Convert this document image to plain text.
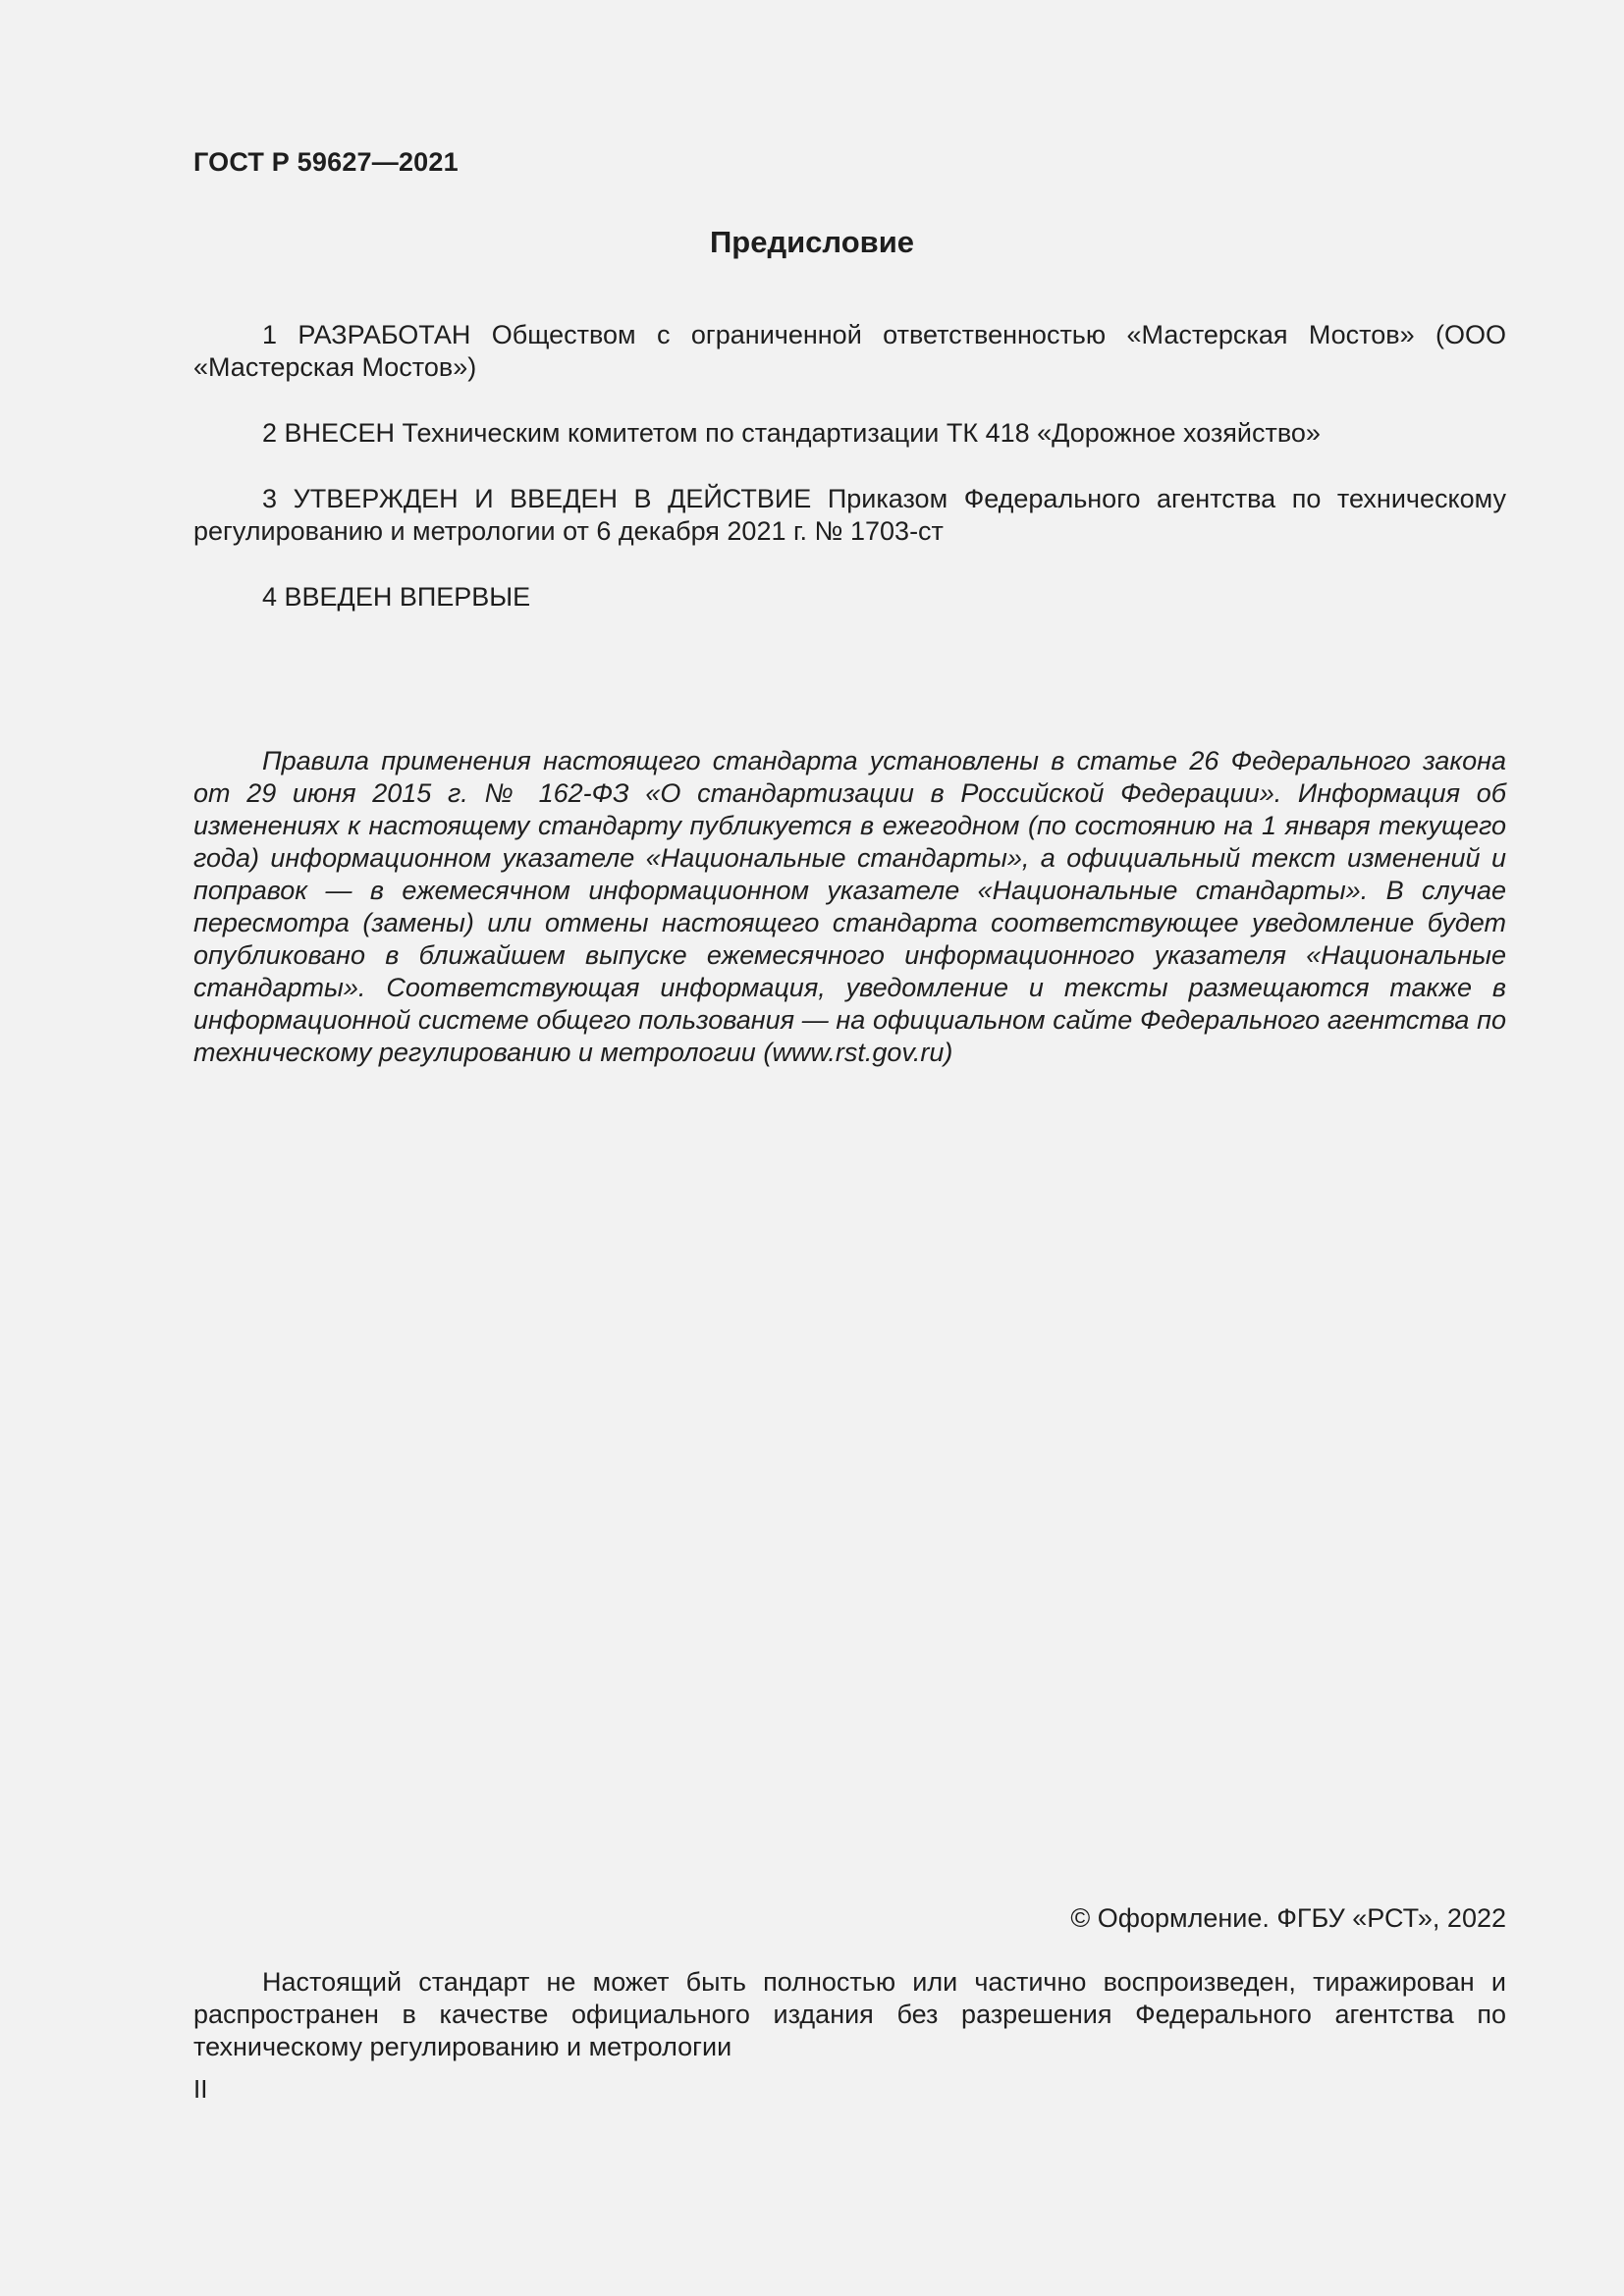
ГОСТ Р 59627—2021
Предисловие

1 РАЗРАБОТАН Обществом с ограниченной ответственностью «Мастерская Мостов» (ООО «Мастерская Мостов»)

2 ВНЕСЕН Техническим комитетом по стандартизации ТК 418 «Дорожное хозяйство»

3 УТВЕРЖДЕН И ВВЕДЕН В ДЕЙСТВИЕ Приказом Федерального агентства по техническому регулированию и метрологии от 6 декабря 2021 г. № 1703-ст

4 ВВЕДЕН ВПЕРВЫЕ

Правила применения настоящего стандарта установлены в статье 26 Федерального закона от 29 июня 2015 г. № 162-ФЗ «О стандартизации в Российской Федерации». Информация об изменениях к настоящему стандарту публикуется в ежегодном (по состоянию на 1 января текущего года) информационном указателе «Национальные стандарты», а официальный текст изменений и поправок — в ежемесячном информационном указателе «Национальные стандарты». В случае пересмотра (замены) или отмены настоящего стандарта соответствующее уведомление будет опубликовано в ближайшем выпуске ежемесячного информационного указателя «Национальные стандарты». Соответствующая информация, уведомление и тексты размещаются также в информационной системе общего пользования — на официальном сайте Федерального агентства по техническому регулированию и метрологии (www.rst.gov.ru)

© Оформление. ФГБУ «РСТ», 2022

Настоящий стандарт не может быть полностью или частично воспроизведен, тиражирован и распространен в качестве официального издания без разрешения Федерального агентства по техническому регулированию и метрологии

II
